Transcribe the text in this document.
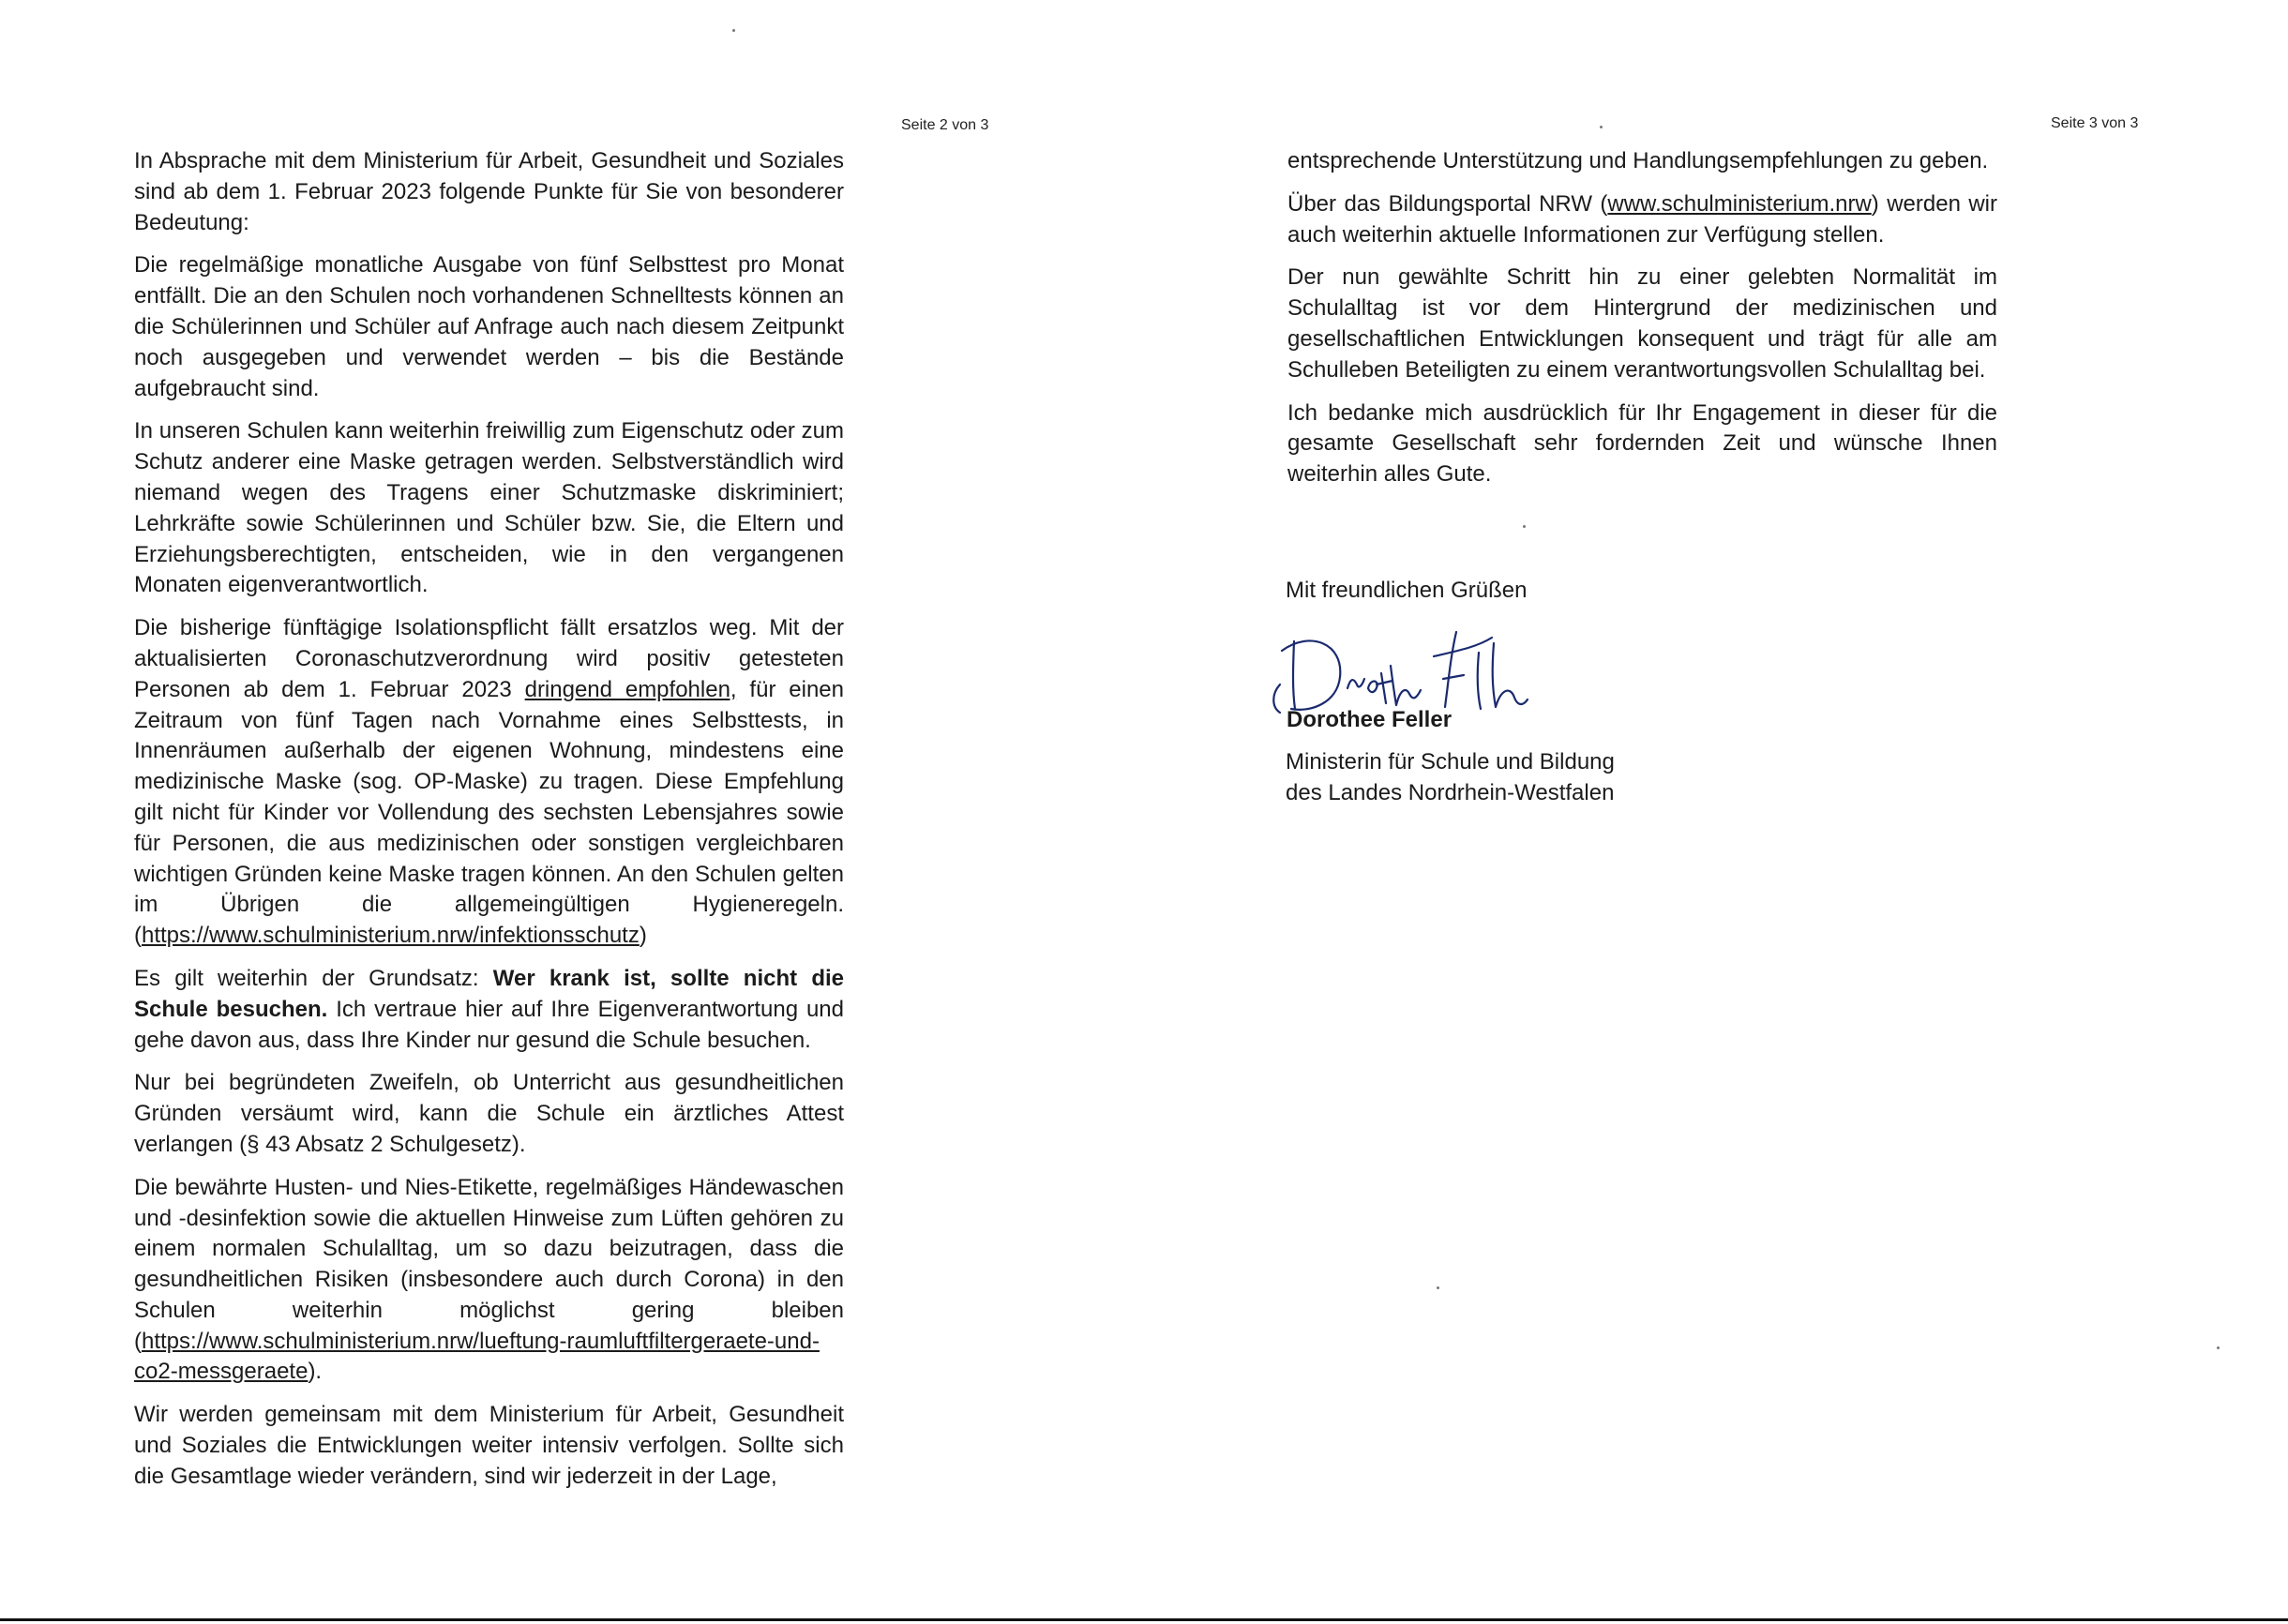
Seite 2 von 3

In Absprache mit dem Ministerium für Arbeit, Gesundheit und Soziales sind ab dem 1. Februar 2023 folgende Punkte für Sie von besonderer Bedeutung:

Die regelmäßige monatliche Ausgabe von fünf Selbsttest pro Monat entfällt. Die an den Schulen noch vorhandenen Schnelltests können an die Schülerinnen und Schüler auf Anfrage auch nach diesem Zeitpunkt noch ausgegeben und verwendet werden – bis die Bestände aufgebraucht sind.

In unseren Schulen kann weiterhin freiwillig zum Eigenschutz oder zum Schutz anderer eine Maske getragen werden. Selbstverständlich wird niemand wegen des Tragens einer Schutzmaske diskriminiert; Lehrkräfte sowie Schülerinnen und Schüler bzw. Sie, die Eltern und Erziehungsberechtigten, entscheiden, wie in den vergangenen Monaten eigenverantwortlich.

Die bisherige fünftägige Isolationspflicht fällt ersatzlos weg. Mit der aktualisierten Coronaschutzverordnung wird positiv getesteten Personen ab dem 1. Februar 2023 dringend empfohlen, für einen Zeitraum von fünf Tagen nach Vornahme eines Selbsttests, in Innenräumen außerhalb der eigenen Wohnung, mindestens eine medizinische Maske (sog. OP-Maske) zu tragen. Diese Empfehlung gilt nicht für Kinder vor Vollendung des sechsten Lebensjahres sowie für Personen, die aus medizinischen oder sonstigen vergleichbaren wichtigen Gründen keine Maske tragen können. An den Schulen gelten im Übrigen die allgemeingültigen Hygieneregeln. (https://www.schulministerium.nrw/infektionsschutz)

Es gilt weiterhin der Grundsatz: Wer krank ist, sollte nicht die Schule besuchen. Ich vertraue hier auf Ihre Eigenverantwortung und gehe davon aus, dass Ihre Kinder nur gesund die Schule besuchen.

Nur bei begründeten Zweifeln, ob Unterricht aus gesundheitlichen Gründen versäumt wird, kann die Schule ein ärztliches Attest verlangen (§ 43 Absatz 2 Schulgesetz).

Die bewährte Husten- und Nies-Etikette, regelmäßiges Händewaschen und -desinfektion sowie die aktuellen Hinweise zum Lüften gehören zu einem normalen Schulalltag, um so dazu beizutragen, dass die gesundheitlichen Risiken (insbesondere auch durch Corona) in den Schulen weiterhin möglichst gering bleiben (https://www.schulministerium.nrw/lueftung-raumluftfiltergeraete-und-co2-messgeraete).

Wir werden gemeinsam mit dem Ministerium für Arbeit, Gesundheit und Soziales die Entwicklungen weiter intensiv verfolgen. Sollte sich die Gesamtlage wieder verändern, sind wir jederzeit in der Lage,

Seite 3 von 3

entsprechende Unterstützung und Handlungsempfehlungen zu geben.

Über das Bildungsportal NRW (www.schulministerium.nrw) werden wir auch weiterhin aktuelle Informationen zur Verfügung stellen.

Der nun gewählte Schritt hin zu einer gelebten Normalität im Schulalltag ist vor dem Hintergrund der medizinischen und gesellschaftlichen Entwicklungen konsequent und trägt für alle am Schulleben Beteiligten zu einem verantwortungsvollen Schulalltag bei.

Ich bedanke mich ausdrücklich für Ihr Engagement in dieser für die gesamte Gesellschaft sehr fordernden Zeit und wünsche Ihnen weiterhin alles Gute.

Mit freundlichen Grüßen
Dorothee Feller
Ministerin für Schule und Bildung
des Landes Nordrhein-Westfalen
